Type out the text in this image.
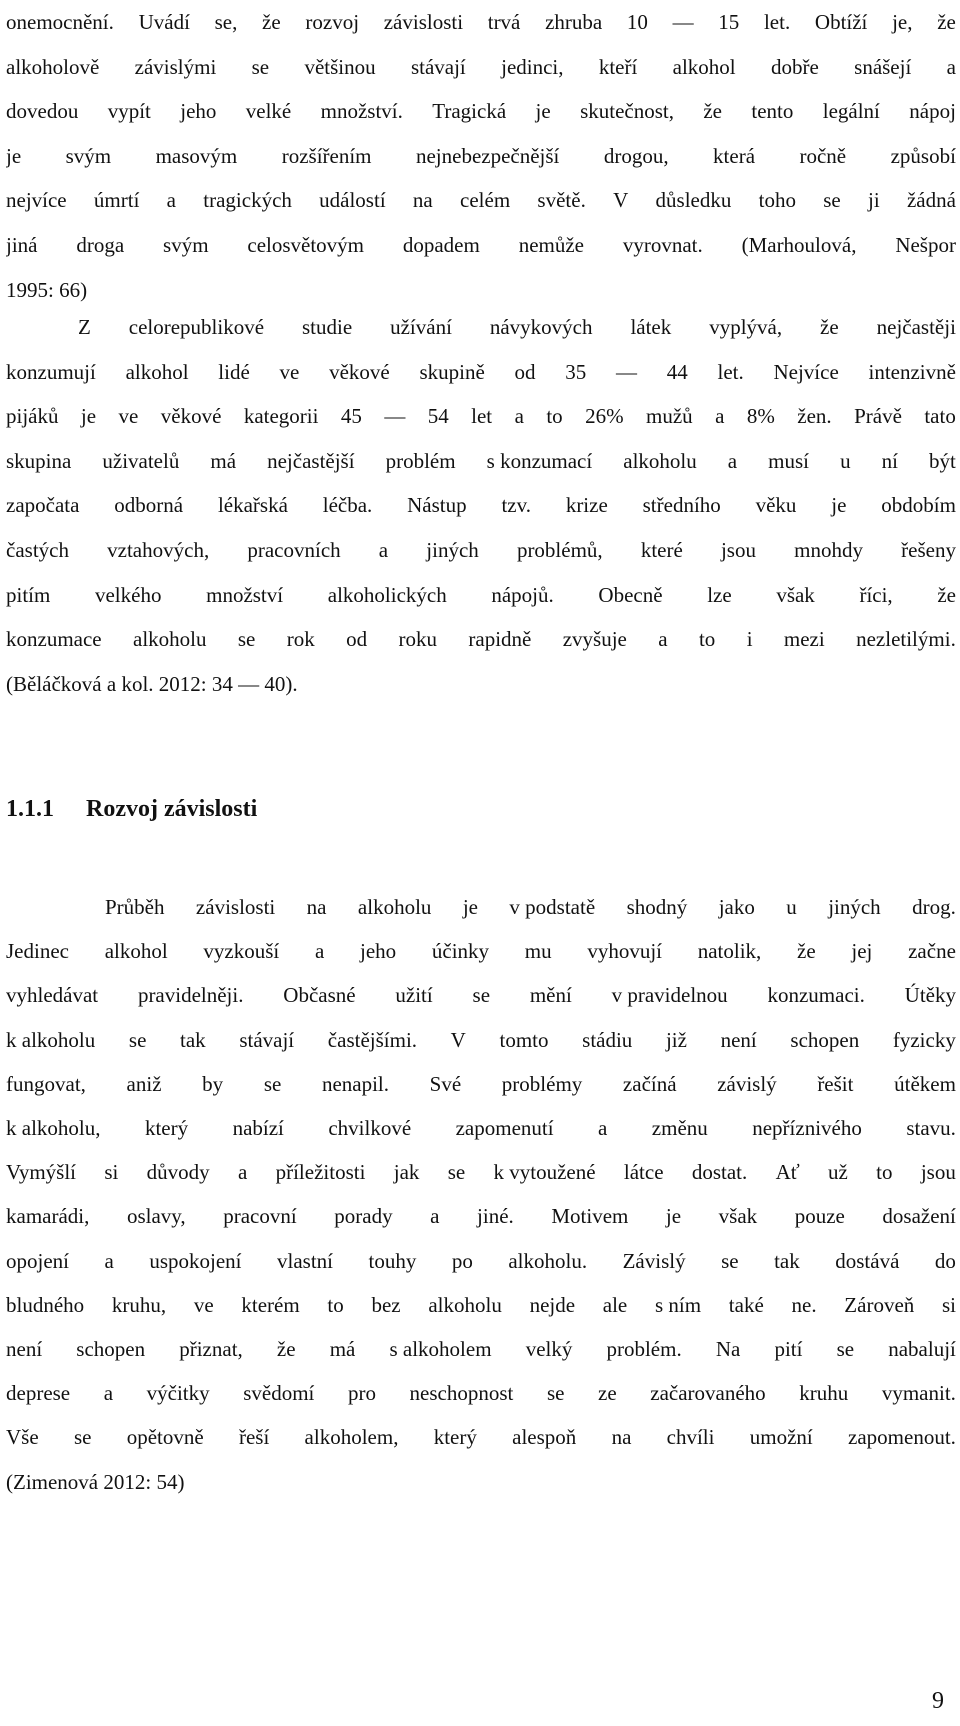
onemocnění. Uvádí se, že rozvoj závislosti trvá zhruba 10 — 15 let. Obtíží je, že
alkoholově závislými se většinou stávají jedinci, kteří alkohol dobře snášejí a
dovedou vypít jeho velké množství. Tragická je skutečnost, že tento legální nápoj
je svým masovým rozšířením nejnebezpečnější drogou, která ročně způsobí
nejvíce úmrtí a tragických událostí na celém světě. V důsledku toho se ji žádná
jiná droga svým celosvětovým dopadem nemůže vyrovnat. (Marhoulová, Nešpor
1995: 66)
Z celorepublikové studie užívání návykových látek vyplývá, že nejčastěji
konzumují alkohol lidé ve věkové skupině od 35 — 44 let. Nejvíce intenzivně
pijáků je ve věkové kategorii 45 — 54 let a to 26% mužů a 8% žen. Právě tato
skupina uživatelů má nejčastější problém s konzumací alkoholu a musí u ní být
započata odborná lékařská léčba. Nástup tzv. krize středního věku je obdobím
častých vztahových, pracovních a jiných problémů, které jsou mnohdy řešeny
pitím velkého množství alkoholických nápojů. Obecně lze však říci, že
konzumace alkoholu se rok od roku rapidně zvyšuje a to i mezi nezletilými.
(Běláčková a kol. 2012: 34 — 40).
1.1.1	Rozvoj závislosti
Průběh závislosti na alkoholu je v podstatě shodný jako u jiných drog.
Jedinec alkohol vyzkouší a jeho účinky mu vyhovují natolik, že jej začne
vyhledávat pravidelněji. Občasné užití se mění v pravidelnou konzumaci. Útěky
k alkoholu se tak stávají častějšími. V tomto stádiu již není schopen fyzicky
fungovat, aniž by se nenapil. Své problémy začíná závislý řešit útěkem
k alkoholu, který nabízí chvilkové zapomenutí a změnu nepříznivého stavu.
Vymýšlí si důvody a příležitosti jak se k vytoužené látce dostat. Ať už to jsou
kamarádi, oslavy, pracovní porady a jiné. Motivem je však pouze dosažení
opojení a uspokojení vlastní touhy po alkoholu. Závislý se tak dostává do
bludného kruhu, ve kterém to bez alkoholu nejde ale s ním také ne. Zároveň si
není schopen přiznat, že má s alkoholem velký problém. Na pití se nabalují
deprese a výčitky svědomí pro neschopnost se ze začarovaného kruhu vymanit.
Vše se opětovně řeší alkoholem, který alespoň na chvíli umožní zapomenout.
(Zimenová 2012: 54)
9
